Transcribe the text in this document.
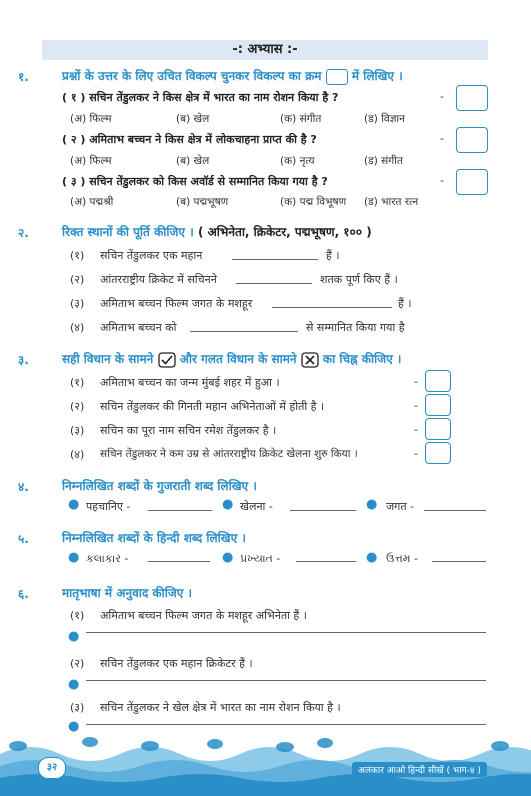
-: अभ्यास :-
१.	प्रश्नों के उत्तर के लिए उचित विकल्प चुनकर विकल्प का क्रम	में लिखिए ।
( १ ) सचिन तेंडुलकर ने किस क्षेत्र में भारत का नाम रोशन किया है ?	-
(अ) फिल्म	(ब) खेल	(क) संगीत	(ड) विज्ञान
( २ ) अमिताभ बच्चन ने किस क्षेत्र में लोकचाहना प्राप्त की है ?	-
(अ) फिल्म	(ब) खेल	(क) नृत्य	(ड) संगीत
( ३ ) सचिन तेंडुलकर को किस अवॉर्ड से सम्मानित किया गया है ?	-
(अ) पद्मश्री	(ब) पद्मभूषण	(क) पद्म विभूषण (ड) भारत रत्न
२.	रिक्त स्थानों की पूर्ति कीजिए । ( अभिनेता, क्रिकेटर, पद्मभूषण, १०० )
(१) सचिन तेंडुलकर एक महान	हैं ।
(२) आंतरराष्ट्रीय क्रिकेट में सचिनने	शतक पूर्ण किए हैं ।
(३) अमिताभ बच्चन फिल्म जगत के मशहूर	हैं ।
(४) अमिताभ बच्चन को	से सम्मानित किया गया है
३.	सही विधान के सामने और गलत विधान के सामने का चिह्न कीजिए ।
(१) अमिताभ बच्चन का जन्म मुंबई शहर में हुआ ।	-
(२) सचिन तेंडुलकर की गिनती महान अभिनेताओं में होती है ।	-
(३) सचिन का पूरा नाम सचिन रमेश तेंडुलकर है ।	-
(४) सचिन तेंडुलकर ने कम उम्र से आंतरराष्ट्रीय क्रिकेट खेलना शुरु किया ।	-
४.	निम्नलिखित शब्दों के गुजराती शब्द लिखिए ।
● पहचानिए -	● खेलना -	● जगत -
५.	निम्नलिखित शब्दों के हिन्दी शब्द लिखिए ।
● કલાકાર -	● પ્રખ્યાત -	● ઉત્તમ -
६.	मातृभाषा में अनुवाद कीजिए ।
(१) अमिताभ बच्चन फिल्म जगत के मशहूर अभिनेता हैं ।
●
(२) सचिन तेंडुलकर एक महान क्रिकेटर हैं ।
●
(३) सचिन तेंडुलकर ने खेल क्षेत्र में भारत का नाम रोशन किया है ।
●
३२	अलंकार आओ हिन्दी सीखें ( भाग-४ )
